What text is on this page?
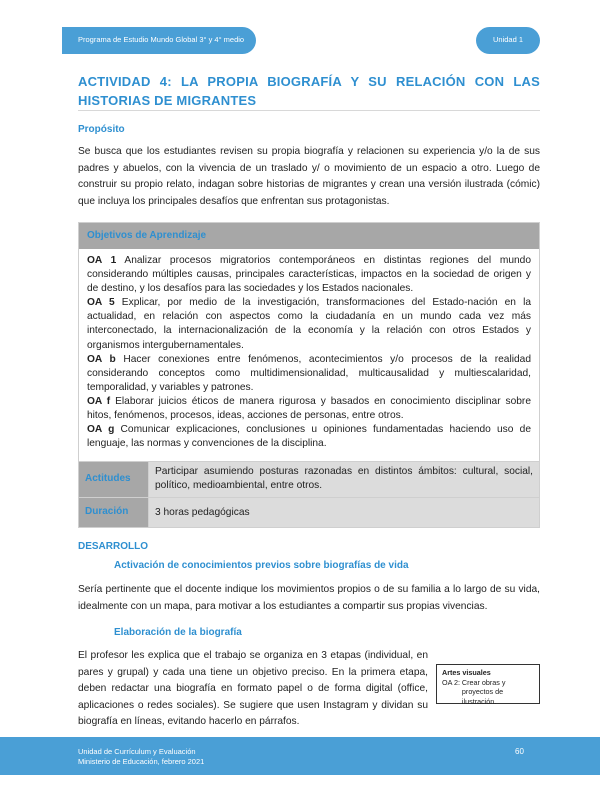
Programa de Estudio Mundo Global 3° y 4° medio	Unidad 1
ACTIVIDAD 4: LA PROPIA BIOGRAFÍA Y SU RELACIÓN CON LAS HISTORIAS DE MIGRANTES
Propósito
Se busca que los estudiantes revisen su propia biografía y relacionen su experiencia y/o la de sus padres y abuelos, con la vivencia de un traslado y/ o movimiento de un espacio a otro. Luego de construir su propio relato, indagan sobre historias de migrantes y crean una versión ilustrada (cómic) que incluya los principales desafíos que enfrentan sus protagonistas.
Objetivos de Aprendizaje
OA 1 Analizar procesos migratorios contemporáneos en distintas regiones del mundo considerando múltiples causas, principales características, impactos en la sociedad de origen y de destino, y los desafíos para las sociedades y los Estados nacionales.
OA 5 Explicar, por medio de la investigación, transformaciones del Estado-nación en la actualidad, en relación con aspectos como la ciudadanía en un mundo cada vez más interconectado, la internacionalización de la economía y la relación con otros Estados y organismos intergubernamentales.
OA b Hacer conexiones entre fenómenos, acontecimientos y/o procesos de la realidad considerando conceptos como multidimensionalidad, multicausalidad y multiescalaridad, temporalidad, y variables y patrones.
OA f Elaborar juicios éticos de manera rigurosa y basados en conocimiento disciplinar sobre hitos, fenómenos, procesos, ideas, acciones de personas, entre otros.
OA g Comunicar explicaciones, conclusiones u opiniones fundamentadas haciendo uso de lenguaje, las normas y convenciones de la disciplina.
Actitudes
Participar asumiendo posturas razonadas en distintos ámbitos: cultural, social, político, medioambiental, entre otros.
Duración	3 horas pedagógicas
DESARROLLO
Activación de conocimientos previos sobre biografías de vida
Sería pertinente que el docente indique los movimientos propios o de su familia a lo largo de su vida, idealmente con un mapa, para motivar a los estudiantes a compartir sus propias vivencias.
Elaboración de la biografía
El profesor les explica que el trabajo se organiza en 3 etapas (individual, en pares y grupal) y cada una tiene un objetivo preciso. En la primera etapa, deben redactar una biografía en formato papel o de forma digital (office, aplicaciones o redes sociales). Se sugiere que usen Instagram y dividan su biografía en líneas, evitando hacerlo en párrafos.
Artes visuales
OA 2: Crear obras y proyectos de ilustración.
Unidad de Currículum y Evaluación
Ministerio de Educación, febrero 2021
60
